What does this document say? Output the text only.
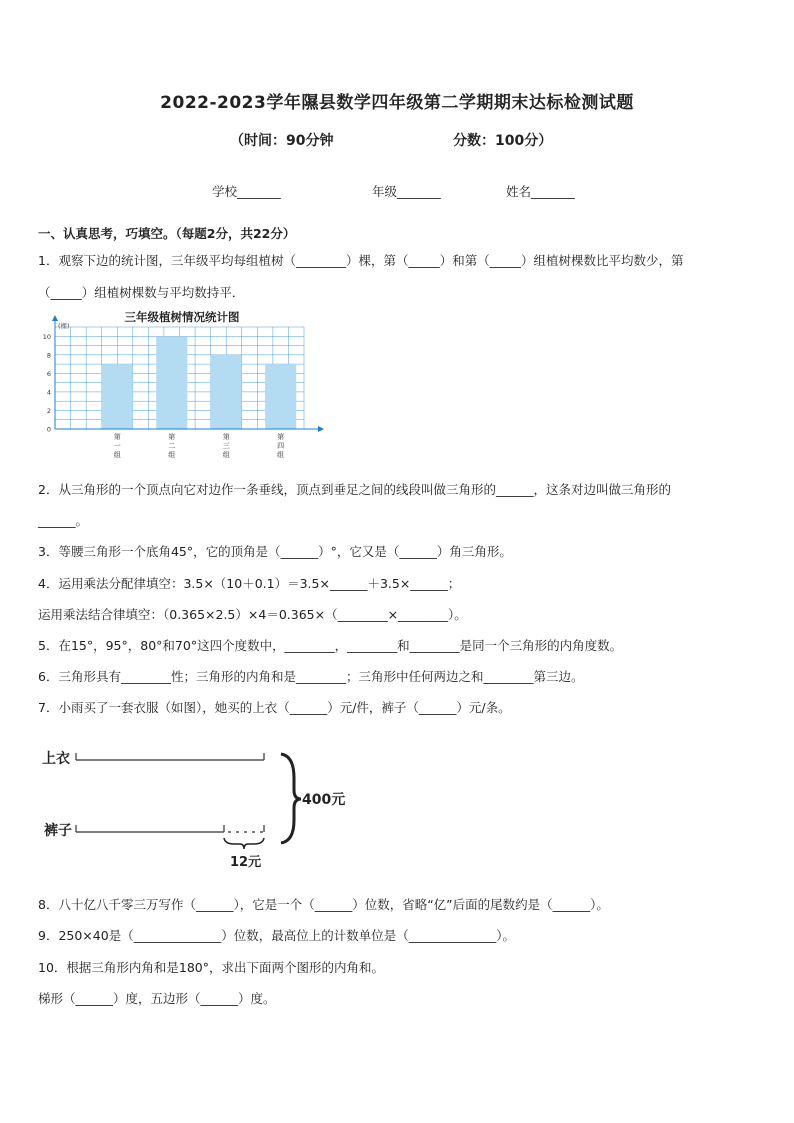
2022-2023学年隰县数学四年级第二学期期末达标检测试题
（时间：90分钟	分数：100分）
学校_______	年级_______	姓名_______
一、认真思考，巧填空。（每题2分，共22分）
1．观察下边的统计图，三年级平均每组植树（________）棵，第（_____）和第（_____）组植树棵数比平均数少，第
（_____）组植树棵数与平均数持平．
三年级植树情况统计图
(棵)
0
2
4
6
8
10
第
一
组
第
二
组
第
三
组
第
四
组
2．从三角形的一个顶点向它对边作一条垂线，顶点到垂足之间的线段叫做三角形的______，这条对边叫做三角形的
______。
3．等腰三角形一个底角45°，它的顶角是（______）°，它又是（______）角三角形。
4．运用乘法分配律填空：3.5×（10＋0.1）＝3.5×______＋3.5×______；
运用乘法结合律填空：（0.365×2.5）×4＝0.365×（________×________）。
5．在15°，95°，80°和70°这四个度数中，________，________和________是同一个三角形的内角度数。
6．三角形具有________性；三角形的内角和是________；三角形中任何两边之和________第三边。
7．小雨买了一套衣服（如图），她买的上衣（______）元/件，裤子（______）元/条。
上衣
400元
裤子
12元
8．八十亿八千零三万写作（______），它是一个（______）位数，省略“亿”后面的尾数约是（______）。
9．250×40是（______________）位数，最高位上的计数单位是（______________）。
10．根据三角形内角和是180°，求出下面两个图形的内角和。
梯形（______）度，五边形（______）度。
